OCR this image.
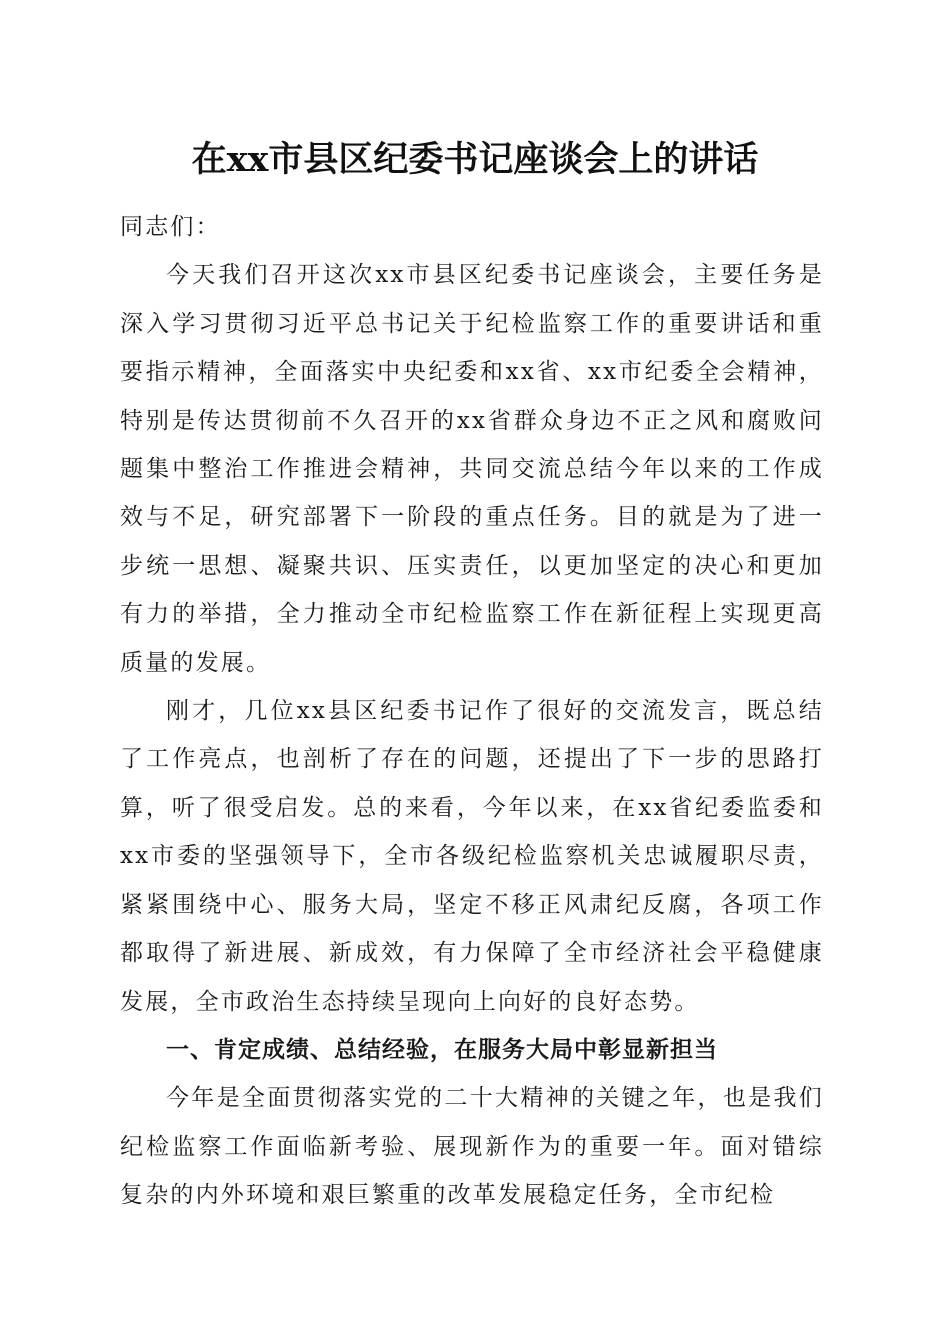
在xx市县区纪委书记座谈会上的讲话

同志们：

今天我们召开这次xx市县区纪委书记座谈会，主要任务是深入学习贯彻习近平总书记关于纪检监察工作的重要讲话和重要指示精神，全面落实中央纪委和xx省、xx市纪委全会精神，特别是传达贯彻前不久召开的xx省群众身边不正之风和腐败问题集中整治工作推进会精神，共同交流总结今年以来的工作成效与不足，研究部署下一阶段的重点任务。目的就是为了进一步统一思想、凝聚共识、压实责任，以更加坚定的决心和更加有力的举措，全力推动全市纪检监察工作在新征程上实现更高质量的发展。

刚才，几位xx县区纪委书记作了很好的交流发言，既总结了工作亮点，也剖析了存在的问题，还提出了下一步的思路打算，听了很受启发。总的来看，今年以来，在xx省纪委监委和xx市委的坚强领导下，全市各级纪检监察机关忠诚履职尽责，紧紧围绕中心、服务大局，坚定不移正风肃纪反腐，各项工作都取得了新进展、新成效，有力保障了全市经济社会平稳健康发展，全市政治生态持续呈现向上向好的良好态势。

一、肯定成绩、总结经验，在服务大局中彰显新担当

今年是全面贯彻落实党的二十大精神的关键之年，也是我们纪检监察工作面临新考验、展现新作为的重要一年。面对错综复杂的内外环境和艰巨繁重的改革发展稳定任务，全市纪检
